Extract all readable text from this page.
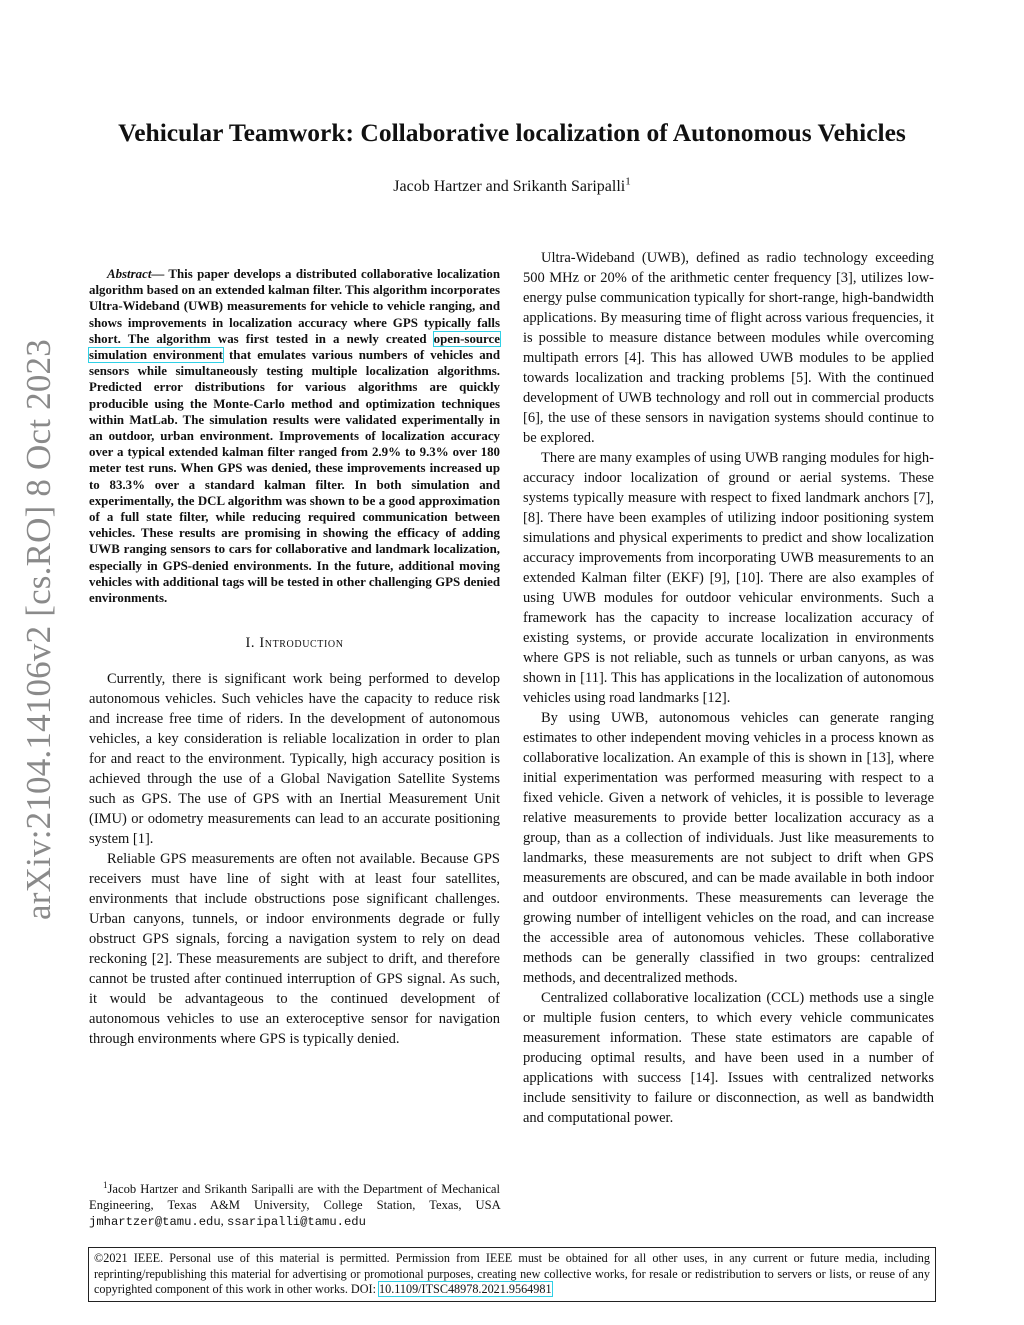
arXiv:2104.14106v2 [cs.RO] 8 Oct 2023
Vehicular Teamwork: Collaborative localization of Autonomous Vehicles
Jacob Hartzer and Srikanth Saripalli$^1$

Abstract— This paper develops a distributed collaborative localization algorithm based on an extended kalman filter. This algorithm incorporates Ultra-Wideband (UWB) measurements for vehicle to vehicle ranging, and shows improvements in localization accuracy where GPS typically falls short. The algorithm was first tested in a newly created open-source simulation environment that emulates various numbers of vehicles and sensors while simultaneously testing multiple localization algorithms. Predicted error distributions for various algorithms are quickly producible using the Monte-Carlo method and optimization techniques within MatLab. The simulation results were validated experimentally in an outdoor, urban environment. Improvements of localization accuracy over a typical extended kalman filter ranged from 2.9% to 9.3% over 180 meter test runs. When GPS was denied, these improvements increased up to 83.3% over a standard kalman filter. In both simulation and experimentally, the DCL algorithm was shown to be a good approximation of a full state filter, while reducing required communication between vehicles. These results are promising in showing the efficacy of adding UWB ranging sensors to cars for collaborative and landmark localization, especially in GPS-denied environments. In the future, additional moving vehicles with additional tags will be tested in other challenging GPS denied environments.

I. Introduction

Currently, there is significant work being performed to develop autonomous vehicles. Such vehicles have the capacity to reduce risk and increase free time of riders. In the development of autonomous vehicles, a key consideration is reliable localization in order to plan for and react to the environment. Typically, high accuracy position is achieved through the use of a Global Navigation Satellite Systems such as GPS. The use of GPS with an Inertial Measurement Unit (IMU) or odometry measurements can lead to an accurate positioning system [1].

Reliable GPS measurements are often not available. Because GPS receivers must have line of sight with at least four satellites, environments that include obstructions pose significant challenges. Urban canyons, tunnels, or indoor environments degrade or fully obstruct GPS signals, forcing a navigation system to rely on dead reckoning [2]. These measurements are subject to drift, and therefore cannot be trusted after continued interruption of GPS signal. As such, it would be advantageous to the continued development of autonomous vehicles to use an exteroceptive sensor for navigation through environments where GPS is typically denied.

Ultra-Wideband (UWB), defined as radio technology exceeding 500 MHz or 20% of the arithmetic center frequency [3], utilizes low-energy pulse communication typically for short-range, high-bandwidth applications. By measuring time of flight across various frequencies, it is possible to measure distance between modules while overcoming multipath errors [4]. This has allowed UWB modules to be applied towards localization and tracking problems [5]. With the continued development of UWB technology and roll out in commercial products [6], the use of these sensors in navigation systems should continue to be explored.

There are many examples of using UWB ranging modules for high-accuracy indoor localization of ground or aerial systems. These systems typically measure with respect to fixed landmark anchors [7], [8]. There have been examples of utilizing indoor positioning system simulations and physical experiments to predict and show localization accuracy improvements from incorporating UWB measurements to an extended Kalman filter (EKF) [9], [10]. There are also examples of using UWB modules for outdoor vehicular environments. Such a framework has the capacity to increase localization accuracy of existing systems, or provide accurate localization in environments where GPS is not reliable, such as tunnels or urban canyons, as was shown in [11]. This has applications in the localization of autonomous vehicles using road landmarks [12].

By using UWB, autonomous vehicles can generate ranging estimates to other independent moving vehicles in a process known as collaborative localization. An example of this is shown in [13], where initial experimentation was performed measuring with respect to a fixed vehicle. Given a network of vehicles, it is possible to leverage relative measurements to provide better localization accuracy as a group, than as a collection of individuals. Just like measurements to landmarks, these measurements are not subject to drift when GPS measurements are obscured, and can be made available in both indoor and outdoor environments. These measurements can leverage the growing number of intelligent vehicles on the road, and can increase the accessible area of autonomous vehicles. These collaborative methods can be generally classified in two groups: centralized methods, and decentralized methods.

Centralized collaborative localization (CCL) methods use a single or multiple fusion centers, to which every vehicle communicates measurement information. These state estimators are capable of producing optimal results, and have been used in a number of applications with success [14]. Issues with centralized networks include sensitivity to failure or disconnection, as well as bandwidth and computational power.

$^1$Jacob Hartzer and Srikanth Saripalli are with the Department of Mechanical Engineering, Texas A&M University, College Station, Texas, USA jmhartzer@tamu.edu, ssaripalli@tamu.edu
©2021 IEEE. Personal use of this material is permitted. Permission from IEEE must be obtained for all other uses, in any current or future media, including reprinting/republishing this material for advertising or promotional purposes, creating new collective works, for resale or redistribution to servers or lists, or reuse of any copyrighted component of this work in other works. DOI: 10.1109/ITSC48978.2021.9564981
